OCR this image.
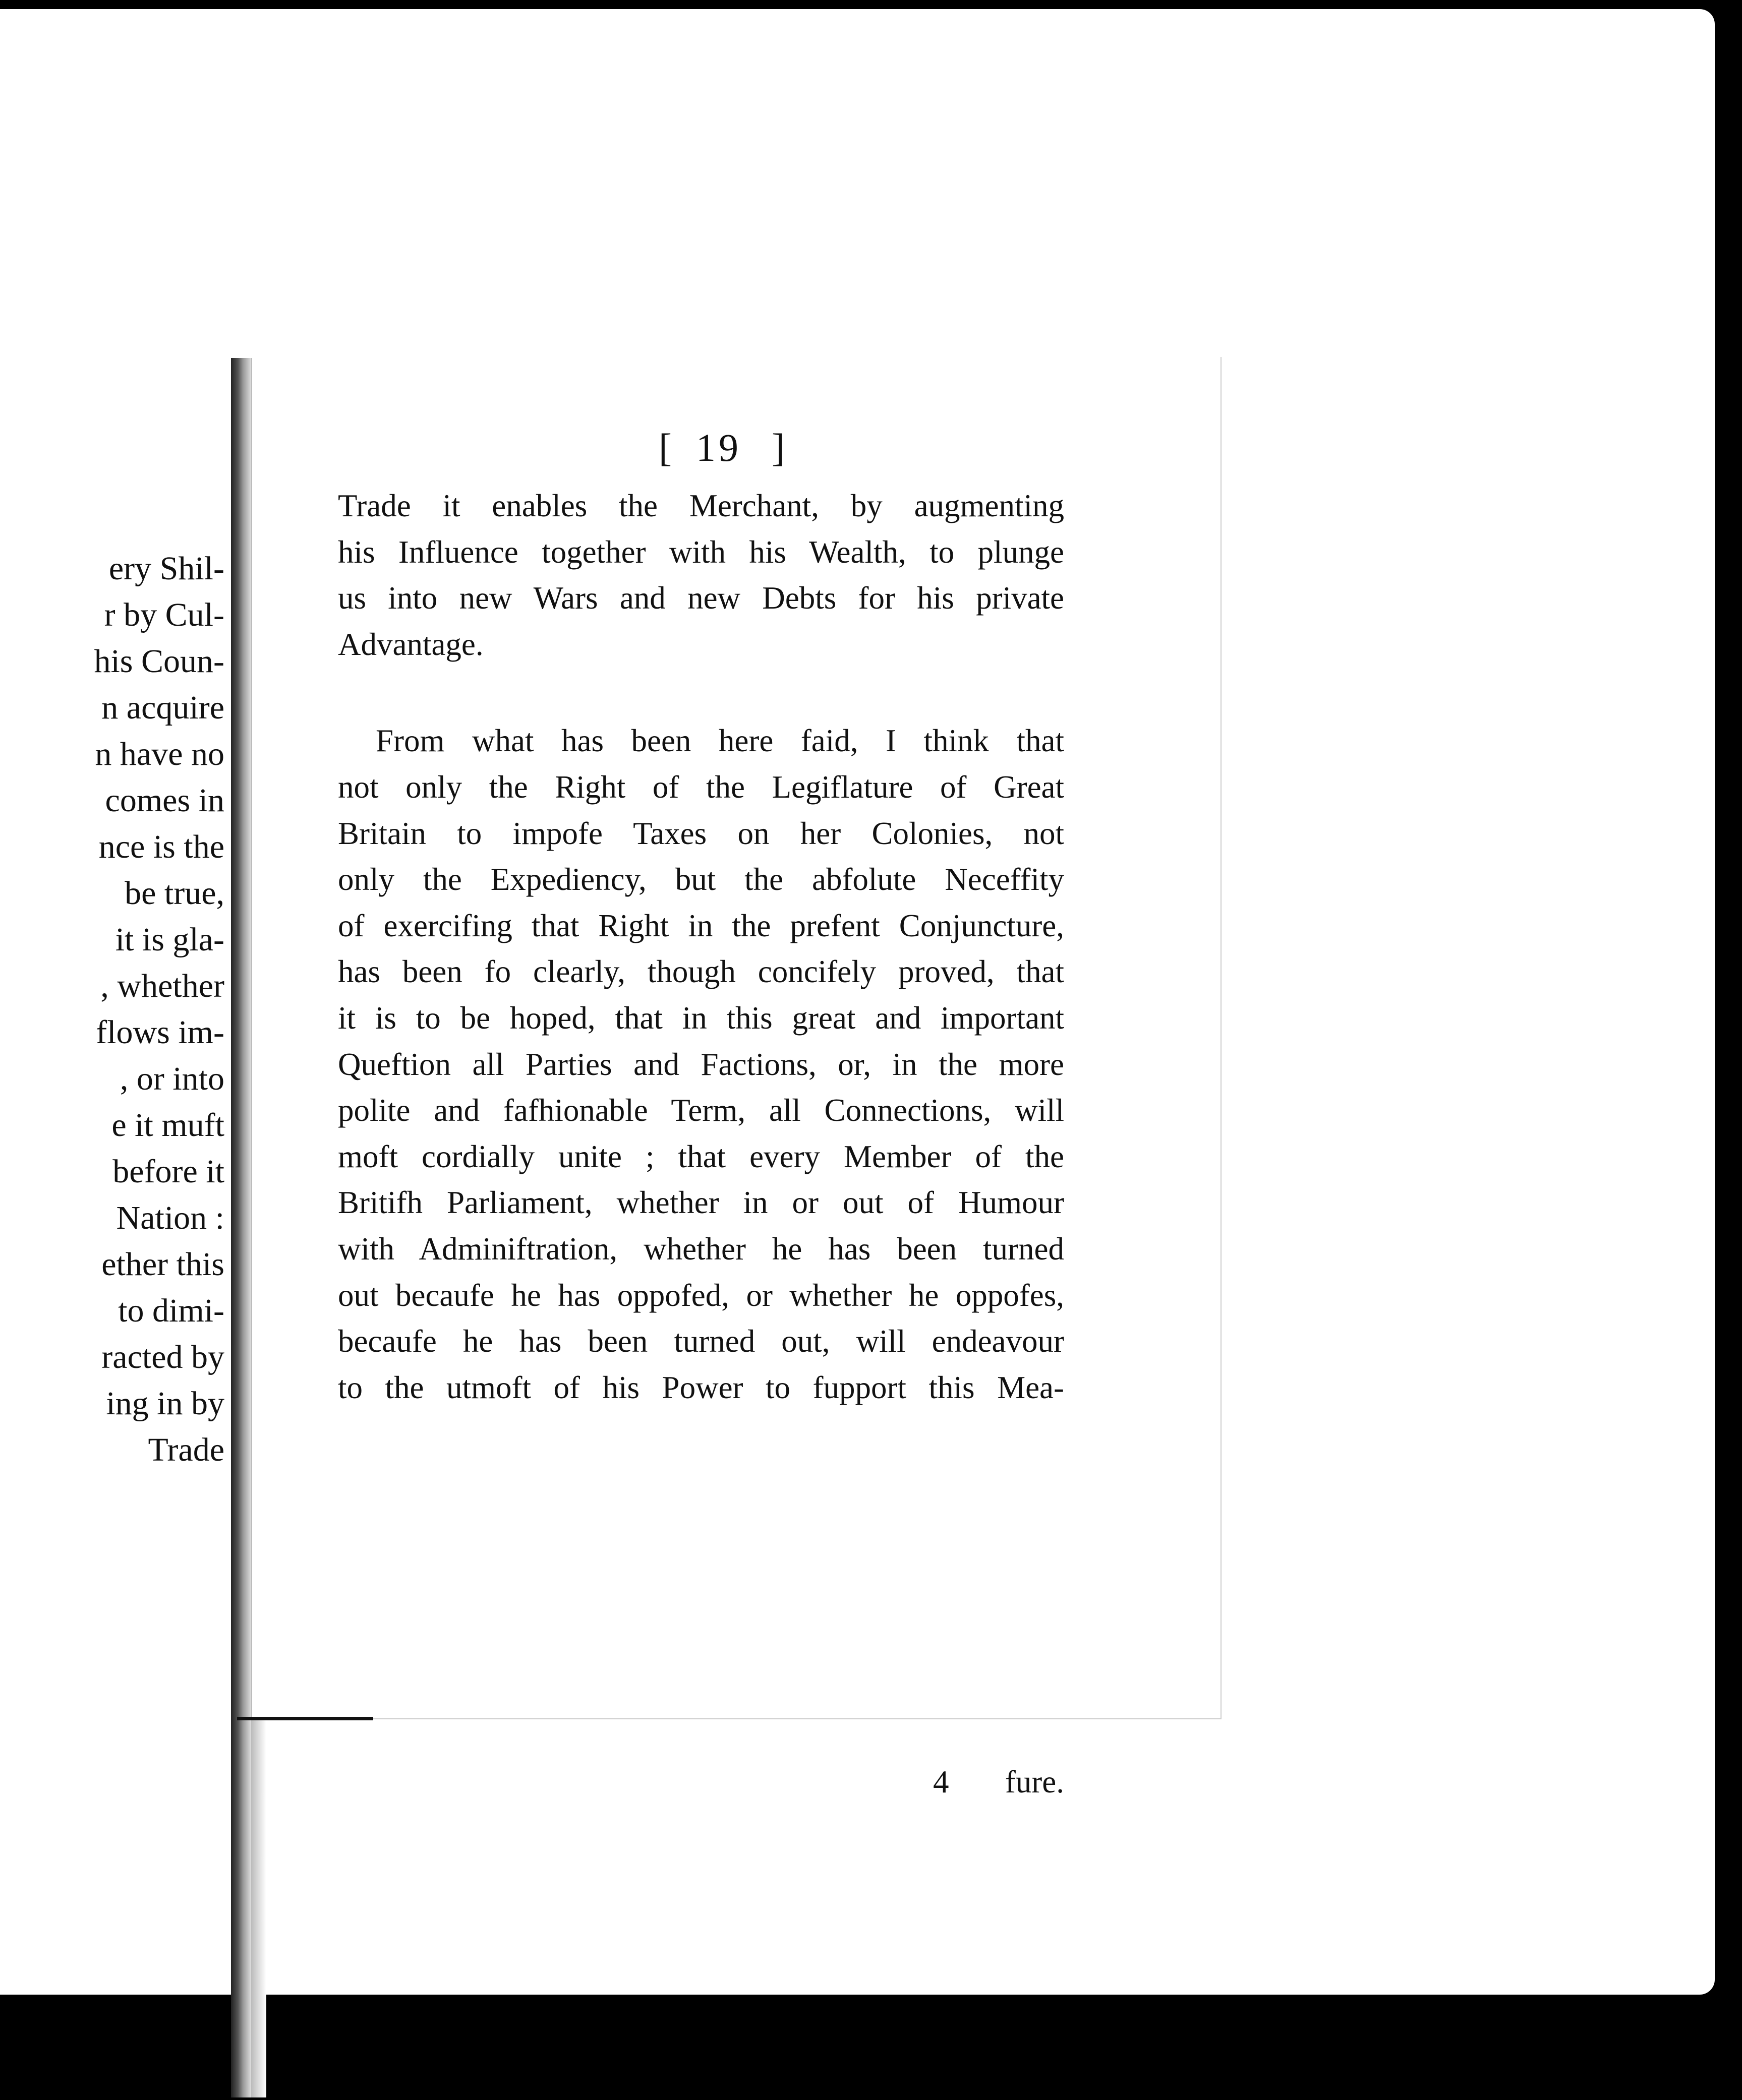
ery Shil-
r by Cul-
his Coun-
n acquire
n have no
comes in
nce is the
be true,
it is gla-
, whether
flows im-
, or into
e it muft
before it
Nation :
ether this
to dimi-
racted by
ing in by
Trade
[ 19 ]
Trade it enables the Merchant, by augmenting
his Influence together with his Wealth, to plunge
us into new Wars and new Debts for his private
Advantage.
From what has been here faid, I think that
not only the Right of the Legiflature of Great
Britain to impofe Taxes on her Colonies, not
only the Expediency, but the abfolute Neceffity
of exercifing that Right in the prefent Conjuncture,
has been fo clearly, though concifely proved, that
it is to be hoped, that in this great and important
Queftion all Parties and Factions, or, in the more
polite and fafhionable Term, all Connections, will
moft cordially unite ; that every Member of the
Britifh Parliament, whether in or out of Humour
with Adminiftration, whether he has been turned
out becaufe he has oppofed, or whether he oppofes,
becaufe he has been turned out, will endeavour
to the utmoft of his Power to fupport this Mea-
4 fure.
